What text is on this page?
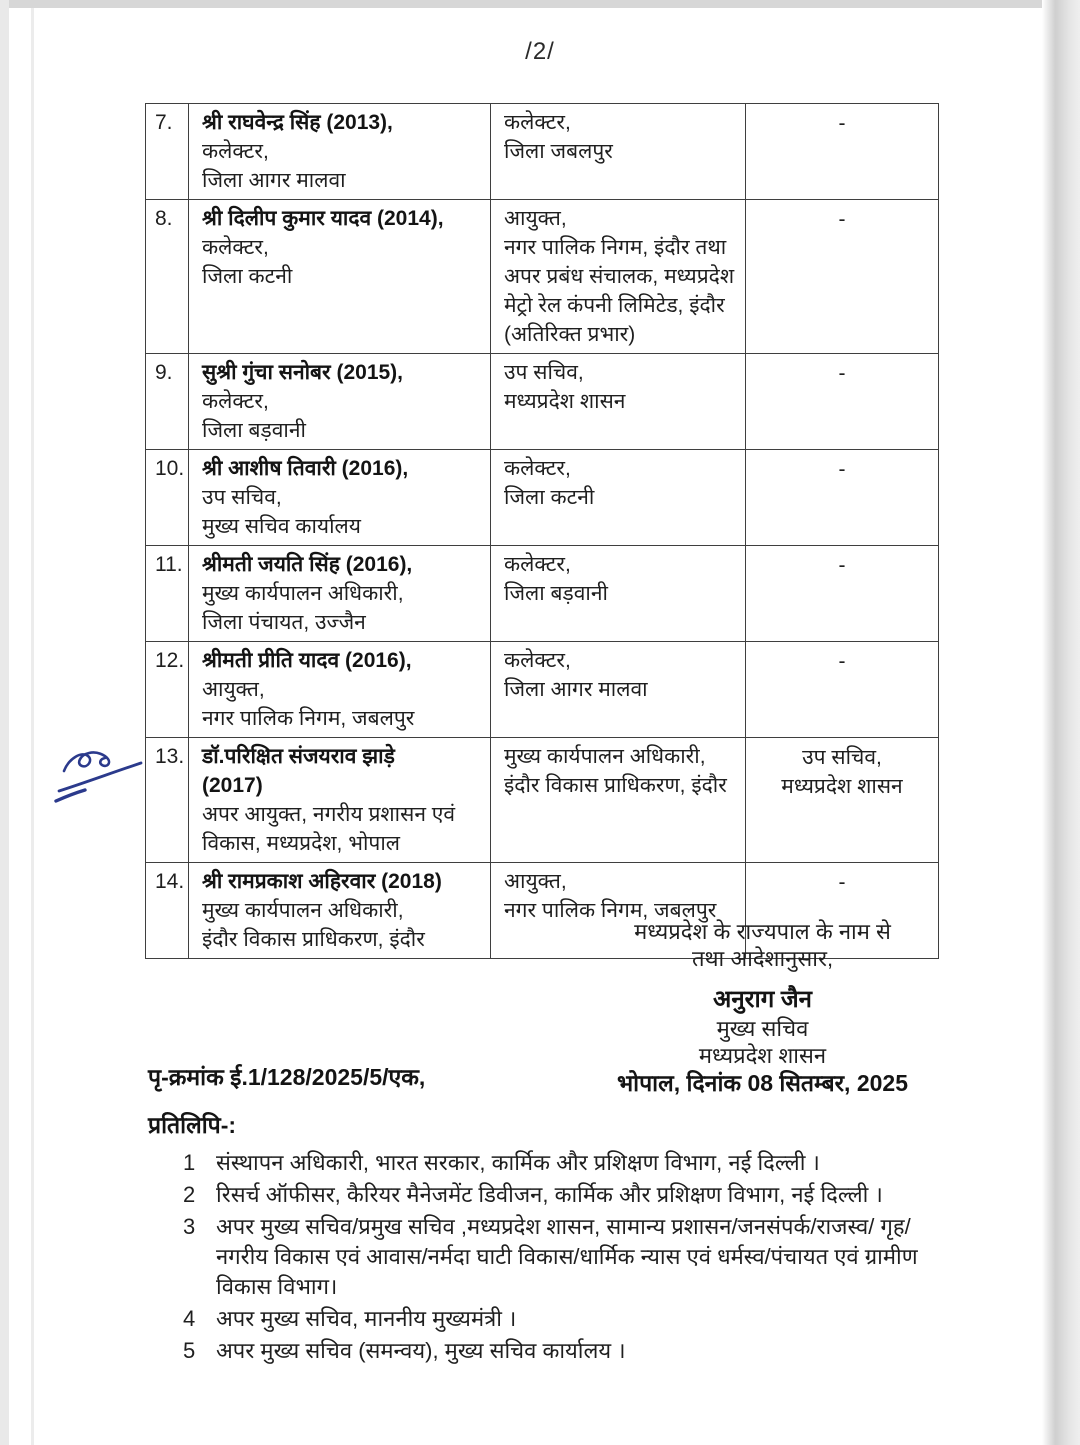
/2/
7.	श्री राघवेन्द्र सिंह (2013),
कलेक्टर,
जिला आगर मालवा

कलेक्टर,
जिला जबलपुर

-

8.	श्री दिलीप कुमार यादव (2014),
कलेक्टर,
जिला कटनी

आयुक्त,
नगर पालिक निगम, इंदौर तथा
अपर प्रबंध संचालक, मध्यप्रदेश
मेट्रो रेल कंपनी लिमिटेड, इंदौर
(अतिरिक्त प्रभार)

-

9.	सुश्री गुंचा सनोबर (2015),
कलेक्टर,
जिला बड़वानी

उप सचिव,
मध्यप्रदेश शासन

-

10.	श्री आशीष तिवारी (2016),
उप सचिव,
मुख्य सचिव कार्यालय

कलेक्टर,
जिला कटनी

-

11.	श्रीमती जयति सिंह (2016),
मुख्य कार्यपालन अधिकारी,
जिला पंचायत, उज्जैन

कलेक्टर,
जिला बड़वानी

-

12.	श्रीमती प्रीति यादव (2016),
आयुक्त,
नगर पालिक निगम, जबलपुर

कलेक्टर,
जिला आगर मालवा

-

13.	डॉ.परिक्षित संजयराव झाड़े
(2017)
अपर आयुक्त, नगरीय प्रशासन एवं
विकास, मध्यप्रदेश, भोपाल

मुख्य कार्यपालन अधिकारी,
इंदौर विकास प्राधिकरण, इंदौर

उप सचिव,
मध्यप्रदेश शासन

14.	श्री रामप्रकाश अहिरवार (2018)
मुख्य कार्यपालन अधिकारी,
इंदौर विकास प्राधिकरण, इंदौर

आयुक्त,
नगर पालिक निगम, जबलपुर

-
मध्यप्रदेश के राज्यपाल के नाम से
तथा आदेशानुसार,
अनुराग जैन
मुख्य सचिव
मध्यप्रदेश शासन
भोपाल, दिनांक 08 सितम्बर, 2025
पृ-क्रमांक ई.1/128/2025/5/एक,
प्रतिलिपि-:
1 संस्थापन अधिकारी, भारत सरकार, कार्मिक और प्रशिक्षण विभाग, नई दिल्ली ।
2 रिसर्च ऑफीसर, कैरियर मैनेजमेंट डिवीजन, कार्मिक और प्रशिक्षण विभाग, नई दिल्ली ।
3 अपर मुख्य सचिव/प्रमुख सचिव ,मध्यप्रदेश शासन, सामान्य प्रशासन/जनसंपर्क/राजस्व/ गृह/नगरीय विकास एवं आवास/नर्मदा घाटी विकास/धार्मिक न्यास एवं धर्मस्व/पंचायत एवं ग्रामीण विकास विभाग।
4 अपर मुख्य सचिव, माननीय मुख्यमंत्री ।
5 अपर मुख्य सचिव (समन्वय), मुख्य सचिव कार्यालय ।
